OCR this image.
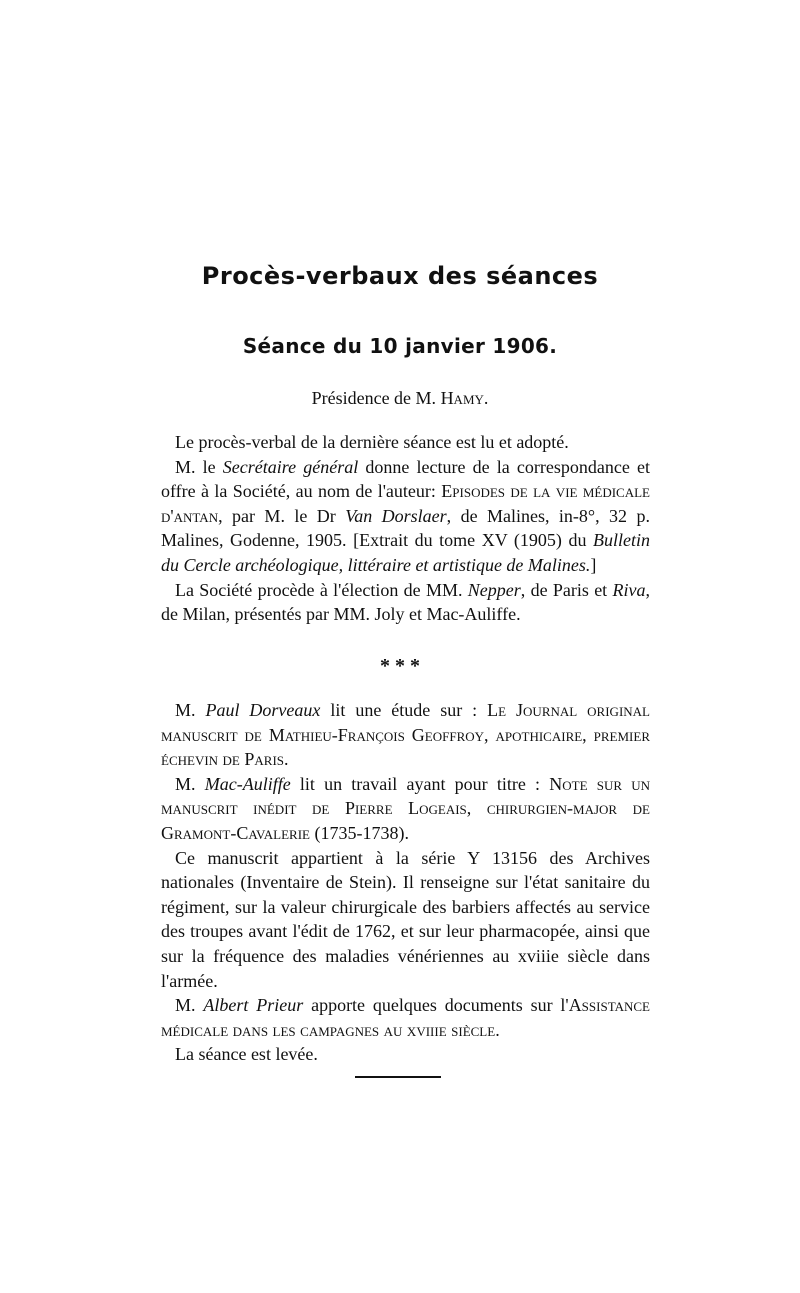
Procès-verbaux des séances
Séance du 10 janvier 1906.
Présidence de M. Hamy.

Le procès-verbal de la dernière séance est lu et adopté.

M. le Secrétaire général donne lecture de la correspondance et offre à la Société, au nom de l'auteur: Episodes de la vie médicale d'antan, par M. le Dr Van Dorslaer, de Malines, in-8°, 32 p. Malines, Godenne, 1905. [Extrait du tome XV (1905) du Bulletin du Cercle archéologique, littéraire et artistique de Malines.]

La Société procède à l'élection de MM. Nepper, de Paris et Riva, de Milan, présentés par MM. Joly et Mac-Auliffe.

* * *

M. Paul Dorveaux lit une étude sur : Le Journal original manuscrit de Mathieu-François Geoffroy, apothicaire, premier échevin de Paris.

M. Mac-Auliffe lit un travail ayant pour titre : Note sur un manuscrit inédit de Pierre Logeais, chirurgien-major de Gramont-Cavalerie (1735-1738).

Ce manuscrit appartient à la série Y 13156 des Archives nationales (Inventaire de Stein). Il renseigne sur l'état sanitaire du régiment, sur la valeur chirurgicale des barbiers affectés au service des troupes avant l'édit de 1762, et sur leur pharmacopée, ainsi que sur la fréquence des maladies vénériennes au xviiie siècle dans l'armée.

M. Albert Prieur apporte quelques documents sur l'Assistance médicale dans les campagnes au xviiie siècle.

La séance est levée.
